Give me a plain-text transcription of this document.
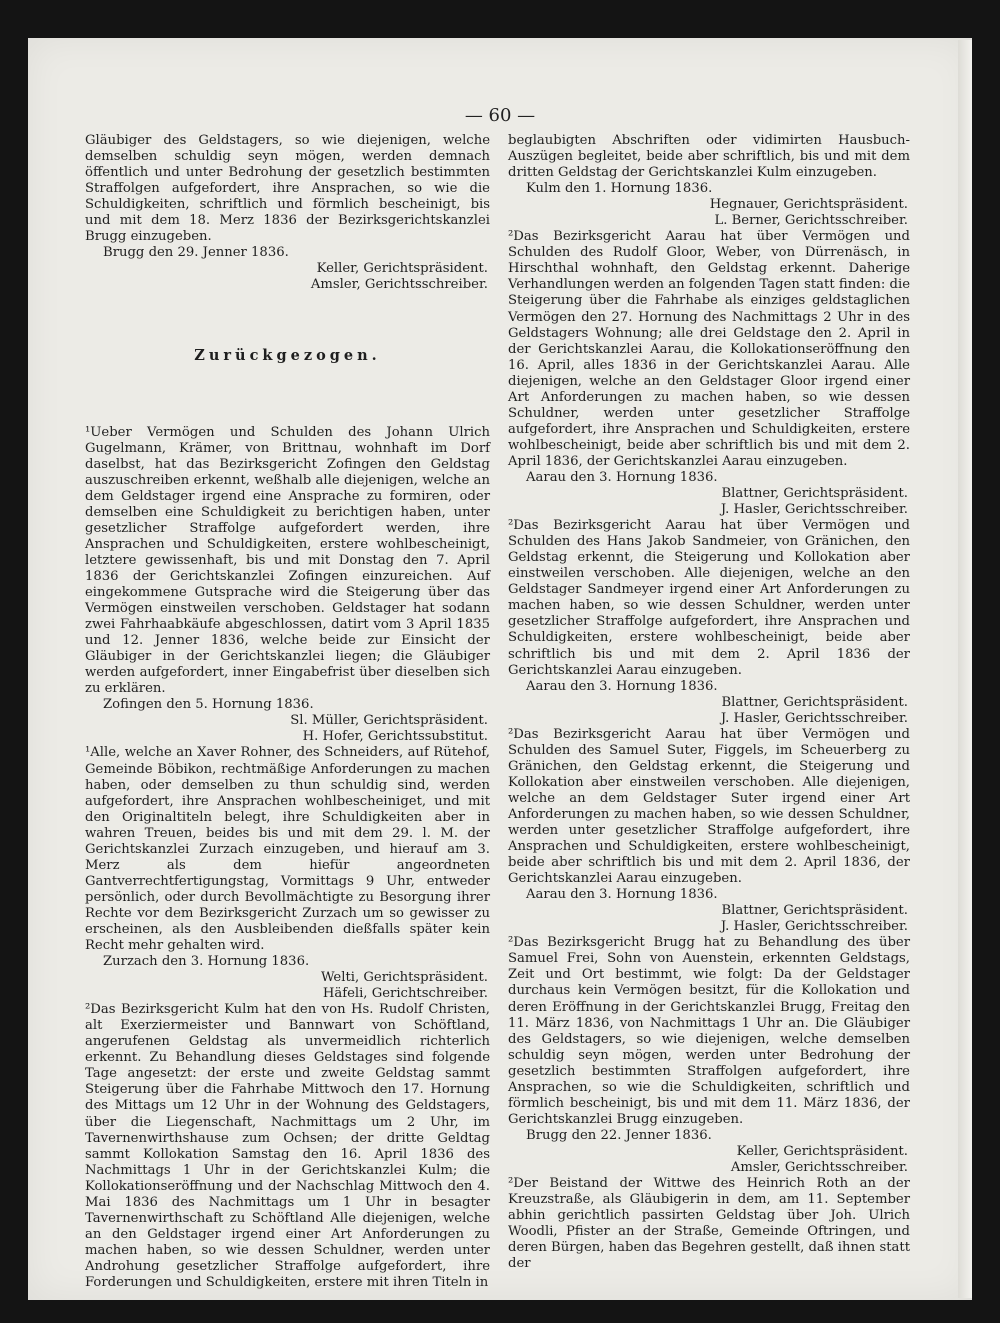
— 60 —

Gläubiger des Geldstagers, so wie diejenigen, welche demselben schuldig seyn mögen, werden demnach öffentlich und unter Bedrohung der gesetzlich bestimmten Straffolgen aufgefordert, ihre Ansprachen, so wie die Schuldigkeiten, schriftlich und förmlich bescheinigt, bis und mit dem 18. Merz 1836 der Bezirksgerichtskanzlei Brugg einzugeben.

Brugg den 29. Jenner 1836.

Keller, Gerichtspräsident.

Amsler, Gerichtsschreiber.

Zurückgezogen.

¹Ueber Vermögen und Schulden des Johann Ulrich Gugelmann, Krämer, von Brittnau, wohnhaft im Dorf daselbst, hat das Bezirksgericht Zofingen den Geldstag auszuschreiben erkennt, weßhalb alle diejenigen, welche an dem Geldstager irgend eine Ansprache zu formiren, oder demselben eine Schuldigkeit zu berichtigen haben, unter gesetzlicher Straffolge aufgefordert werden, ihre Ansprachen und Schuldigkeiten, erstere wohlbescheinigt, letztere gewissenhaft, bis und mit Donstag den 7. April 1836 der Gerichtskanzlei Zofingen einzureichen. Auf eingekommene Gutsprache wird die Steigerung über das Vermögen einstweilen verschoben. Geldstager hat sodann zwei Fahrhaabkäufe abgeschlossen, datirt vom 3 April 1835 und 12. Jenner 1836, welche beide zur Einsicht der Gläubiger in der Gerichtskanzlei liegen; die Gläubiger werden aufgefordert, inner Eingabefrist über dieselben sich zu erklären.

Zofingen den 5. Hornung 1836.

Sl. Müller, Gerichtspräsident.

H. Hofer, Gerichtssubstitut.

¹Alle, welche an Xaver Rohner, des Schneiders, auf Rütehof, Gemeinde Böbikon, rechtmäßige Anforderungen zu machen haben, oder demselben zu thun schuldig sind, werden aufgefordert, ihre Ansprachen wohlbescheiniget, und mit den Originaltiteln belegt, ihre Schuldigkeiten aber in wahren Treuen, beides bis und mit dem 29. l. M. der Gerichtskanzlei Zurzach einzugeben, und hierauf am 3. Merz als dem hiefür angeordneten Gantverrechtfertigungstag, Vormittags 9 Uhr, entweder persönlich, oder durch Bevollmächtigte zu Besorgung ihrer Rechte vor dem Bezirksgericht Zurzach um so gewisser zu erscheinen, als den Ausbleibenden dießfalls später kein Recht mehr gehalten wird.

Zurzach den 3. Hornung 1836.

Welti, Gerichtspräsident.

Häfeli, Gerichtschreiber.

²Das Bezirksgericht Kulm hat den von Hs. Rudolf Christen, alt Exerziermeister und Bannwart von Schöftland, angerufenen Geldstag als unvermeidlich richterlich erkennt. Zu Behandlung dieses Geldstages sind folgende Tage angesetzt: der erste und zweite Geldstag sammt Steigerung über die Fahrhabe Mittwoch den 17. Hornung des Mittags um 12 Uhr in der Wohnung des Geldstagers, über die Liegenschaft, Nachmittags um 2 Uhr, im Tavernenwirthshause zum Ochsen; der dritte Geldtag sammt Kollokation Samstag den 16. April 1836 des Nachmittags 1 Uhr in der Gerichtskanzlei Kulm; die Kollokationseröffnung und der Nachschlag Mittwoch den 4. Mai 1836 des Nachmittags um 1 Uhr in besagter Tavernenwirthschaft zu Schöftland Alle diejenigen, welche an den Geldstager irgend einer Art Anforderungen zu machen haben, so wie dessen Schuldner, werden unter Androhung gesetzlicher Straffolge aufgefordert, ihre Forderungen und Schuldigkeiten, erstere mit ihren Titeln in

beglaubigten Abschriften oder vidimirten Hausbuch-Auszügen begleitet, beide aber schriftlich, bis und mit dem dritten Geldstag der Gerichtskanzlei Kulm einzugeben.

Kulm den 1. Hornung 1836.

Hegnauer, Gerichtspräsident.

L. Berner, Gerichtsschreiber.

²Das Bezirksgericht Aarau hat über Vermögen und Schulden des Rudolf Gloor, Weber, von Dürrenäsch, in Hirschthal wohnhaft, den Geldstag erkennt. Daherige Verhandlungen werden an folgenden Tagen statt finden: die Steigerung über die Fahrhabe als einziges geldstaglichen Vermögen den 27. Hornung des Nachmittags 2 Uhr in des Geldstagers Wohnung; alle drei Geldstage den 2. April in der Gerichtskanzlei Aarau, die Kollokationseröffnung den 16. April, alles 1836 in der Gerichtskanzlei Aarau. Alle diejenigen, welche an den Geldstager Gloor irgend einer Art Anforderungen zu machen haben, so wie dessen Schuldner, werden unter gesetzlicher Straffolge aufgefordert, ihre Ansprachen und Schuldigkeiten, erstere wohlbescheinigt, beide aber schriftlich bis und mit dem 2. April 1836, der Gerichtskanzlei Aarau einzugeben.

Aarau den 3. Hornung 1836.

Blattner, Gerichtspräsident.

J. Hasler, Gerichtsschreiber.

²Das Bezirksgericht Aarau hat über Vermögen und Schulden des Hans Jakob Sandmeier, von Gränichen, den Geldstag erkennt, die Steigerung und Kollokation aber einstweilen verschoben. Alle diejenigen, welche an den Geldstager Sandmeyer irgend einer Art Anforderungen zu machen haben, so wie dessen Schuldner, werden unter gesetzlicher Straffolge aufgefordert, ihre Ansprachen und Schuldigkeiten, erstere wohlbescheinigt, beide aber schriftlich bis und mit dem 2. April 1836 der Gerichtskanzlei Aarau einzugeben.

Aarau den 3. Hornung 1836.

Blattner, Gerichtspräsident.

J. Hasler, Gerichtsschreiber.

²Das Bezirksgericht Aarau hat über Vermögen und Schulden des Samuel Suter, Figgels, im Scheuerberg zu Gränichen, den Geldstag erkennt, die Steigerung und Kollokation aber einstweilen verschoben. Alle diejenigen, welche an dem Geldstager Suter irgend einer Art Anforderungen zu machen haben, so wie dessen Schuldner, werden unter gesetzlicher Straffolge aufgefordert, ihre Ansprachen und Schuldigkeiten, erstere wohlbescheinigt, beide aber schriftlich bis und mit dem 2. April 1836, der Gerichtskanzlei Aarau einzugeben.

Aarau den 3. Hornung 1836.

Blattner, Gerichtspräsident.

J. Hasler, Gerichtsschreiber.

²Das Bezirksgericht Brugg hat zu Behandlung des über Samuel Frei, Sohn von Auenstein, erkennten Geldstags, Zeit und Ort bestimmt, wie folgt: Da der Geldstager durchaus kein Vermögen besitzt, für die Kollokation und deren Eröffnung in der Gerichtskanzlei Brugg, Freitag den 11. März 1836, von Nachmittags 1 Uhr an. Die Gläubiger des Geldstagers, so wie diejenigen, welche demselben schuldig seyn mögen, werden unter Bedrohung der gesetzlich bestimmten Straffolgen aufgefordert, ihre Ansprachen, so wie die Schuldigkeiten, schriftlich und förmlich bescheinigt, bis und mit dem 11. März 1836, der Gerichtskanzlei Brugg einzugeben.

Brugg den 22. Jenner 1836.

Keller, Gerichtspräsident.

Amsler, Gerichtsschreiber.

²Der Beistand der Wittwe des Heinrich Roth an der Kreuzstraße, als Gläubigerin in dem, am 11. September abhin gerichtlich passirten Geldstag über Joh. Ulrich Woodli, Pfister an der Straße, Gemeinde Oftringen, und deren Bürgen, haben das Begehren gestellt, daß ihnen statt der
